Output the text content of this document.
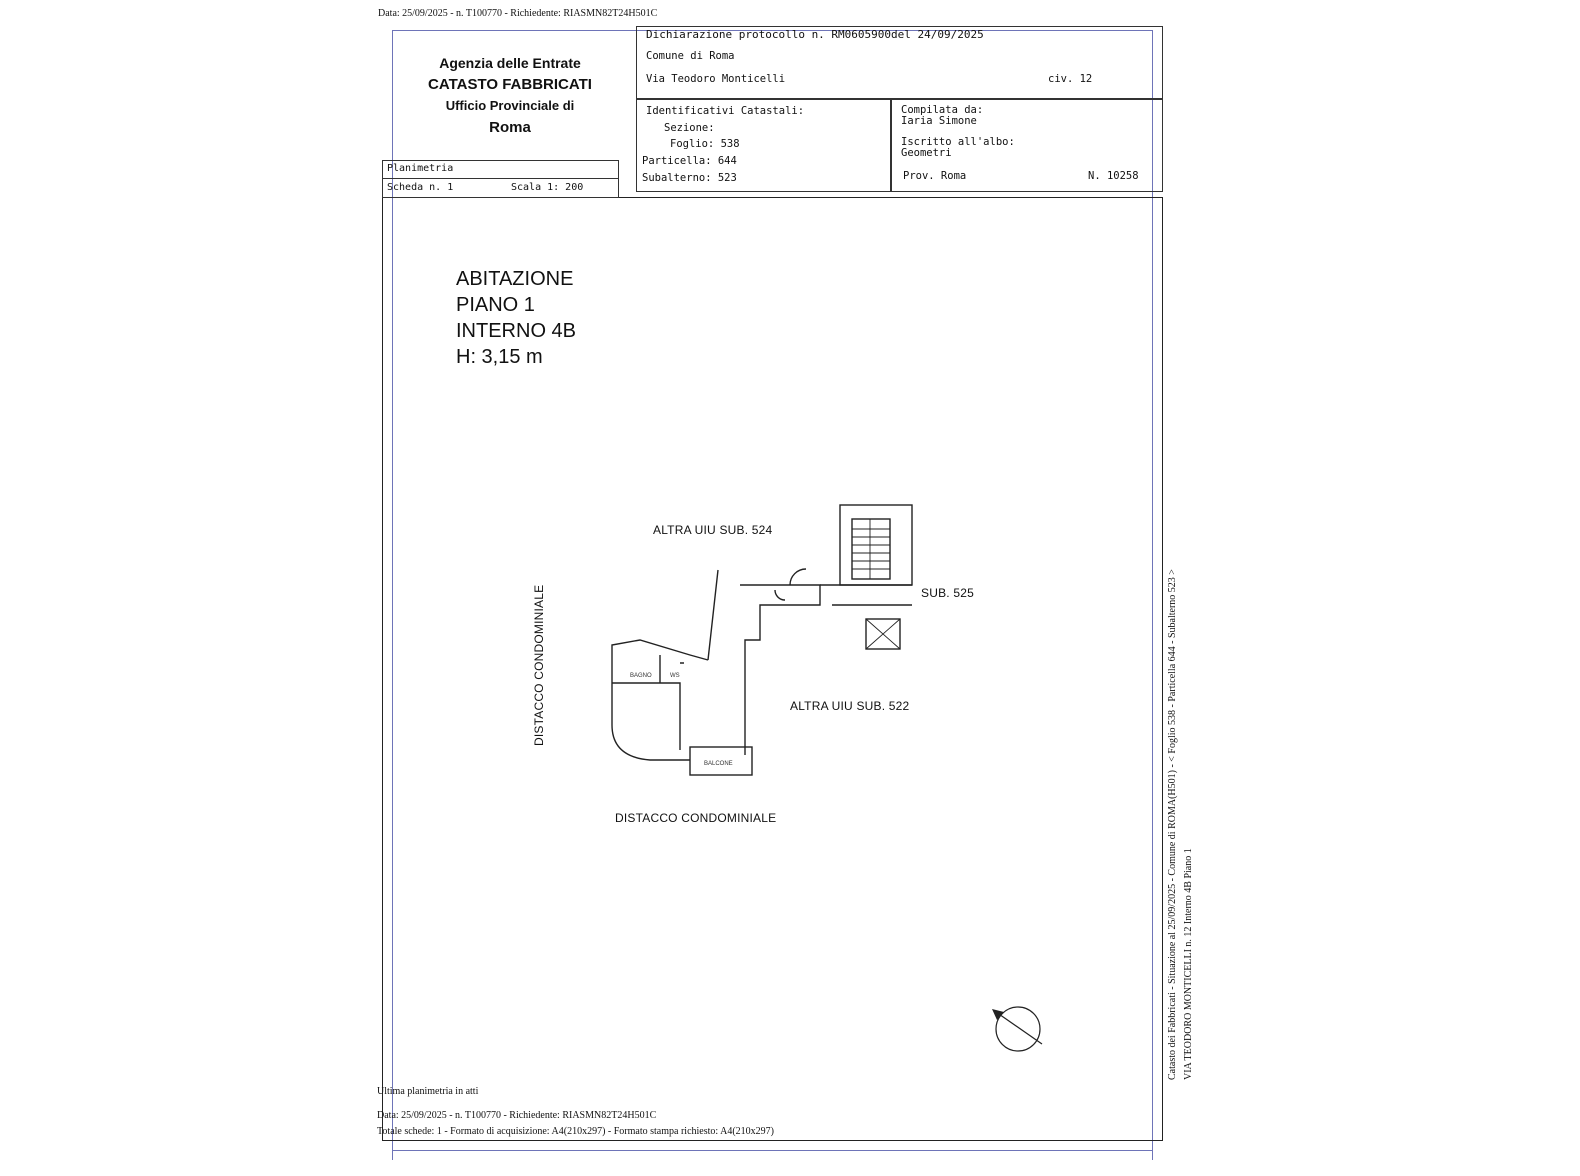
Data: 25/09/2025 - n. T100770 - Richiedente: RIASMN82T24H501C
Agenzia delle Entrate
CATASTO FABBRICATI
Ufficio Provinciale di
Roma
Planimetria
Scheda n. 1	Scala 1: 200
Dichiarazione protocollo n. RM0605900del 24/09/2025
Comune di Roma
Via Teodoro Monticelli	civ. 12
Identificativi Catastali:
Sezione:
Foglio: 538
Particella: 644
Subalterno: 523
Compilata da:
Iaria Simone
Iscritto all'albo:
Geometri
Prov. Roma	N. 10258
ABITAZIONE
PIANO 1
INTERNO 4B
H: 3,15 m
BAGNO	WS
BALCONE
ALTRA UIU SUB. 524
SUB. 525
ALTRA UIU SUB. 522
DISTACCO CONDOMINIALE
DISTACCO CONDOMINIALE	Catasto dei Fabbricati - Situazione al 25/09/2025 - Comune di ROMA(H501) - < Foglio 538 - Particella 644 - Subalterno 523 > VIA TEODORO MONTICELLI n. 12 Interno 4B Piano 1
Ultima planimetria in atti
Data: 25/09/2025 - n. T100770 - Richiedente: RIASMN82T24H501C
Totale schede: 1 - Formato di acquisizione: A4(210x297) - Formato stampa richiesto: A4(210x297)
